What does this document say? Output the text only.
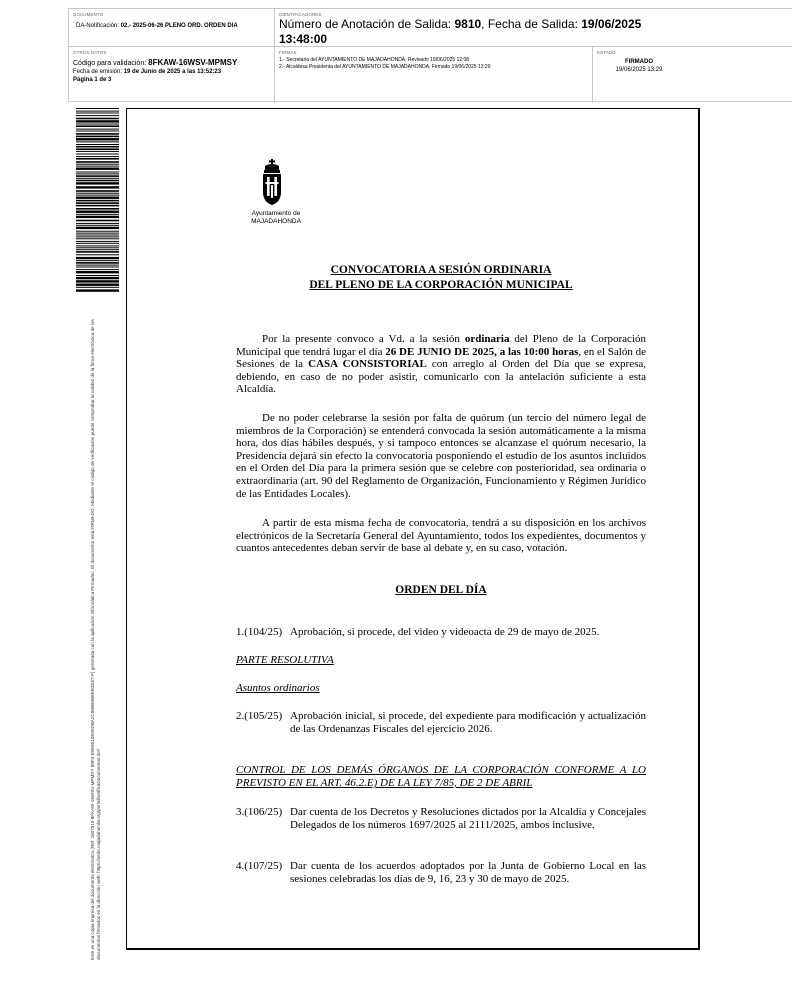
DOCUMENTO
DA-Notificación: 02.- 2025-06-26 PLENO ORD. ORDEN DIA
IDENTIFICADORES
Número de Anotación de Salida: 9810, Fecha de Salida: 19/06/2025 13:48:00
OTROS DATOS
Código para validación: 8FKAW-16WSV-MPMSY
Fecha de emisión: 19 de Junio de 2025 a las 13:52:23
Página 1 de 3
FIRMAS
1.- Secretaria del AYUNTAMIENTO DE MAJADAHONDA. Revisado 19/06/2025 12:08
2.- Alcaldesa Presidenta del AYUNTAMIENTO DE MAJADAHONDA. Firmado 19/06/2025 13:29
ESTADO
FIRMADO
19/06/2025 13:29
Este es una copia impresa del documento electrónico (Ref: 2807519 8FKAW-16WSV-MPMSY 89F4 E5E8510E05DBA2C88B94B6EB2E57-F) generada con la aplicación informática Firmadoc. El documento está FIRMADO. Mediante el código de verificación puede comprobar la validez de la firma electrónica de los documentos firmados en la dirección web: https://sede.majadahonda.org/portal/verificaDocumentos.do?
Ayuntamiento de MAJADAHONDA
CONVOCATORIA A SESIÓN ORDINARIA
DEL PLENO DE LA CORPORACIÓN MUNICIPAL
Por la presente convoco a Vd. a la sesión ordinaria del Pleno de la Corporación Municipal que tendrá lugar el día 26 DE JUNIO DE 2025, a las 10:00 horas, en el Salón de Sesiones de la CASA CONSISTORIAL con arreglo al Orden del Día que se expresa, debiendo, en caso de no poder asistir, comunicarlo con la antelación suficiente a esta Alcaldía.
De no poder celebrarse la sesión por falta de quórum (un tercio del número legal de miembros de la Corporación) se entenderá convocada la sesión automáticamente a la misma hora, dos días hábiles después, y si tampoco entonces se alcanzase el quórum necesario, la Presidencia dejará sin efecto la convocatoria posponiendo el estudio de los asuntos incluidos en el Orden del Día para la primera sesión que se celebre con posterioridad, sea ordinaria o extraordinaria (art. 90 del Reglamento de Organización, Funcionamiento y Régimen Jurídico de las Entidades Locales).
A partir de esta misma fecha de convocatoria, tendrá a su disposición en los archivos electrónicos de la Secretaría General del Ayuntamiento, todos los expedientes, documentos y cuantos antecedentes deban servir de base al debate y, en su caso, votación.
ORDEN DEL DÍA
1.(104/25) Aprobación, si procede, del video y videoacta de 29 de mayo de 2025.
PARTE RESOLUTIVA
Asuntos ordinarios
2.(105/25) Aprobación inicial, si procede, del expediente para modificación y actualización de las Ordenanzas Fiscales del ejercicio 2026.
CONTROL DE LOS DEMÁS ÓRGANOS DE LA CORPORACIÓN CONFORME A LO PREVISTO EN EL ART. 46.2.E) DE LA LEY 7/85, DE 2 DE ABRIL
3.(106/25) Dar cuenta de los Decretos y Resoluciones dictados por la Alcaldía y Concejales Delegados de los números 1697/2025 al 2111/2025, ambos inclusive.
4.(107/25) Dar cuenta de los acuerdos adoptados por la Junta de Gobierno Local en las sesiones celebradas los días de 9, 16, 23 y 30 de mayo de 2025.
